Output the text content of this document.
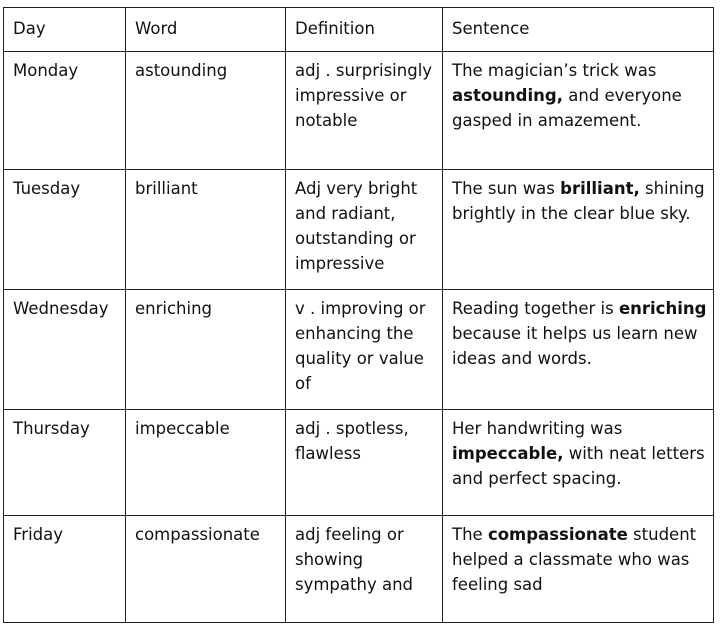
Day	Word	Definition	Sentence
Monday	astounding	adj . surprisingly impressive or notable	The magician’s trick was astounding, and everyone gasped in amazement.
Tuesday	brilliant	Adj very bright and radiant, outstanding or impressive	The sun was brilliant, shining brightly in the clear blue sky.
Wednesday	enriching	v . improving or enhancing the quality or value of	Reading together is enriching because it helps us learn new ideas and words.
Thursday	impeccable	adj . spotless, flawless	Her handwriting was impeccable, with neat letters and perfect spacing.
Friday	compassionate	adj feeling or showing sympathy and	The compassionate student helped a classmate who was feeling sad
